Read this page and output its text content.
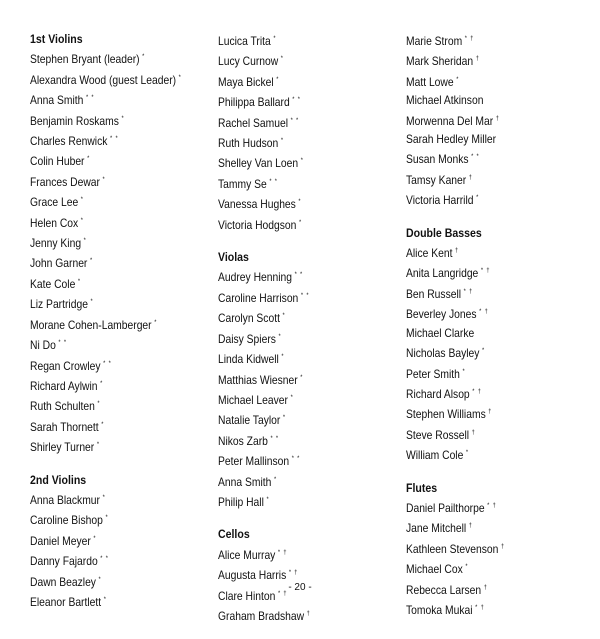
1st Violins
Stephen Bryant (leader) *
Alexandra Wood (guest Leader) *
Anna Smith * *
Benjamin Roskams *
Charles Renwick * *
Colin Huber *
Frances Dewar *
Grace Lee *
Helen Cox *
Jenny King *
John Garner *
Kate Cole *
Liz Partridge *
Morane Cohen-Lamberger *
Ni Do * *
Regan Crowley * *
Richard Aylwin *
Ruth Schulten *
Sarah Thornett *
Shirley Turner *
2nd Violins
Anna Blackmur *
Caroline Bishop *
Daniel Meyer *
Danny Fajardo * *
Dawn Beazley *
Eleanor Bartlett *
Lucica Trita *
Lucy Curnow *
Maya Bickel *
Philippa Ballard * *
Rachel Samuel * *
Ruth Hudson *
Shelley Van Loen *
Tammy Se * *
Vanessa Hughes *
Victoria Hodgson *
Violas
Audrey Henning * *
Caroline Harrison * *
Carolyn Scott *
Daisy Spiers *
Linda Kidwell *
Matthias Wiesner *
Michael Leaver *
Natalie Taylor *
Nikos Zarb * *
Peter Mallinson * *
Anna Smith *
Philip Hall *
Cellos
Alice Murray * †
Augusta Harris * †
Clare Hinton * †
Graham Bradshaw †
Marie Strom * †
Mark Sheridan †
Matt Lowe *
Michael Atkinson
Morwenna Del Mar †
Sarah Hedley Miller
Susan Monks * *
Tamsy Kaner †
Victoria Harrild *
Double Basses
Alice Kent †
Anita Langridge * †
Ben Russell * †
Beverley Jones * †
Michael Clarke
Nicholas Bayley *
Peter Smith *
Richard Alsop * †
Stephen Williams †
Steve Rossell †
William Cole *
Flutes
Daniel Pailthorpe * †
Jane Mitchell †
Kathleen Stevenson †
Michael Cox *
Rebecca Larsen †
Tomoka Mukai * †
- 20 -
